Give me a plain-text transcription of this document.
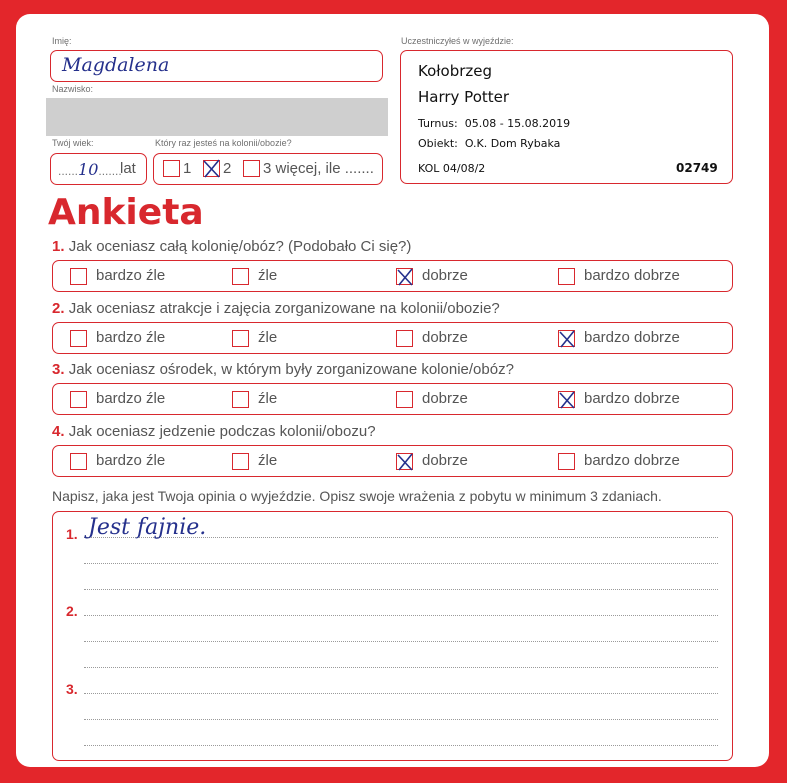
Imię:
Magdalena
Nazwisko:
Twój wiek:
......10.......
lat
Który raz jesteś na kolonii/obozie?
1 2 3 więcej, ile .......
Uczestniczyłeś w wyjeździe:
Kołobrzeg
Harry Potter
Turnus:  05.08 - 15.08.2019
Obiekt:  O.K. Dom Rybaka
KOL 04/08/2	02749
Ankieta
1. Jak oceniasz całą kolonię/obóz? (Podobało Ci się?)
bardzo źle	źle	dobrze	bardzo dobrze
2. Jak oceniasz atrakcje i zajęcia zorganizowane na kolonii/obozie?
bardzo źle	źle	dobrze	bardzo dobrze
3. Jak oceniasz ośrodek, w którym były zorganizowane kolonie/obóz?
bardzo źle	źle	dobrze	bardzo dobrze
4. Jak oceniasz jedzenie podczas kolonii/obozu?
bardzo źle	źle	dobrze	bardzo dobrze
Napisz, jaka jest Twoja opinia o wyjeździe. Opisz swoje wrażenia z pobytu w minimum 3 zdaniach.
1.
2.
3.
Jest fajnie.
